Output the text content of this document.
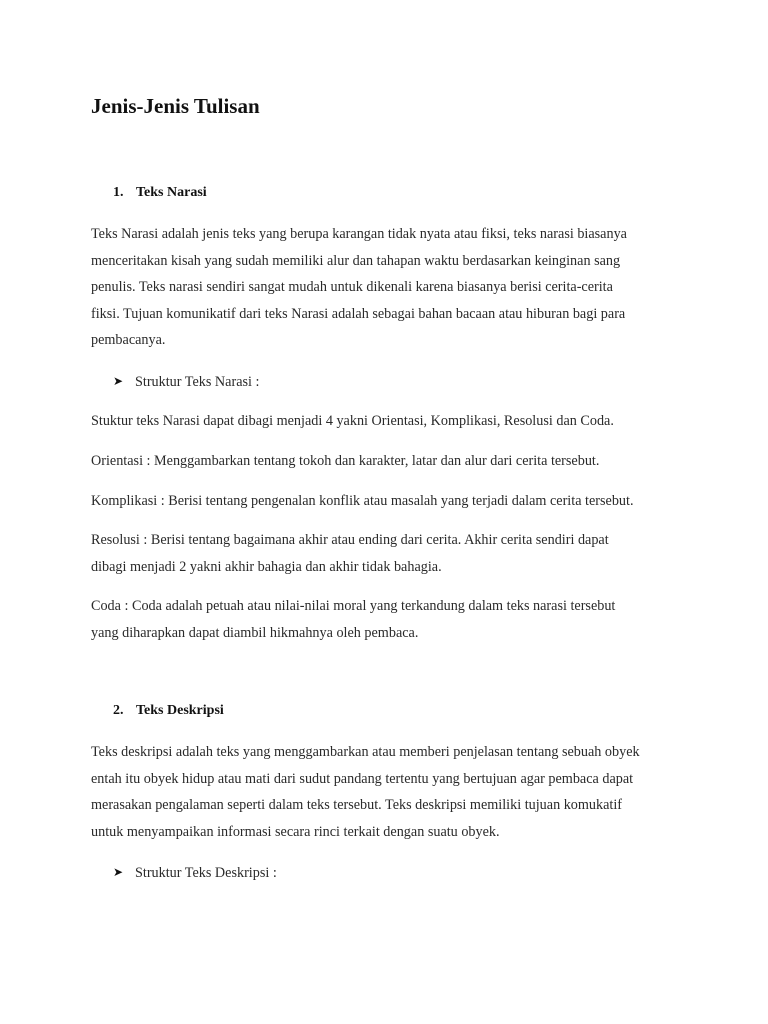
Jenis-Jenis Tulisan
1. Teks Narasi

Teks Narasi adalah jenis teks yang berupa karangan tidak nyata atau fiksi, teks narasi biasanya
menceritakan kisah yang sudah memiliki alur dan tahapan waktu berdasarkan keinginan sang
penulis. Teks narasi sendiri sangat mudah untuk dikenali karena biasanya berisi cerita-cerita
fiksi. Tujuan komunikatif dari teks Narasi adalah sebagai bahan bacaan atau hiburan bagi para
pembacanya.

➤ Struktur Teks Narasi :

Stuktur teks Narasi dapat dibagi menjadi 4 yakni Orientasi, Komplikasi, Resolusi dan Coda.

Orientasi : Menggambarkan tentang tokoh dan karakter, latar dan alur dari cerita tersebut.

Komplikasi : Berisi tentang pengenalan konflik atau masalah yang terjadi dalam cerita tersebut.

Resolusi : Berisi tentang bagaimana akhir atau ending dari cerita. Akhir cerita sendiri dapat
dibagi menjadi 2 yakni akhir bahagia dan akhir tidak bahagia.

Coda : Coda adalah petuah atau nilai-nilai moral yang terkandung dalam teks narasi tersebut
yang diharapkan dapat diambil hikmahnya oleh pembaca.

2. Teks Deskripsi

Teks deskripsi adalah teks yang menggambarkan atau memberi penjelasan tentang sebuah obyek
entah itu obyek hidup atau mati dari sudut pandang tertentu yang bertujuan agar pembaca dapat
merasakan pengalaman seperti dalam teks tersebut. Teks deskripsi memiliki tujuan komukatif
untuk menyampaikan informasi secara rinci terkait dengan suatu obyek.

➤ Struktur Teks Deskripsi :
